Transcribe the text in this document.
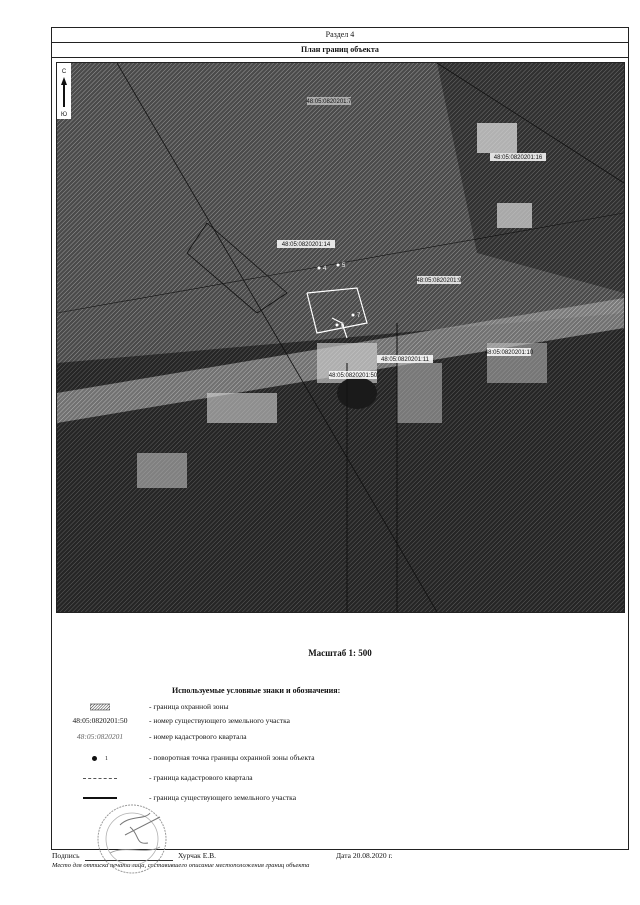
Раздел 4
План границ объекта
С
Ю
48:05:0820201:14
48:05:0820201:7
48:05:0820201:16
48:05:0820201:9
48:05:0820201:10
48:05:0820201:11
48:05:0820201:50
4	5
6
7
Масштаб 1: 500
Используемые условные знаки и обозначения:
- граница охранной зоны
48:05:0820201:50	- номер существующего земельного участка
48:05:0820201	- номер кадастрового квартала
1	- поворотная точка границы охранной зоны объекта
- граница кадастрового квартала
- граница существующего земельного участка
Подпись	Хурчак Е.В.	Дата 20.08.2020 г.
Место для оттиска печати лица, составившего описание местоположения границ объекта
